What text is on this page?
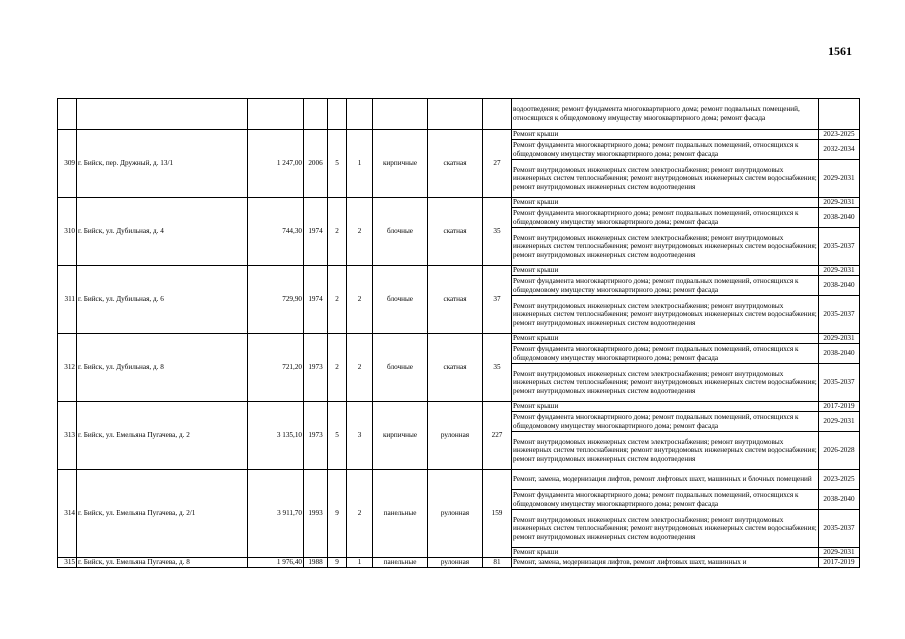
1561
									водоотведения; ремонт фундамента многоквартирного дома; ремонт подвальных помещений, относящихся к общедомовому имуществу многоквартирного дома; ремонт фасада	
309	г. Бийск, пер. Дружный, д. 13/1	1 247,00	2006	5	1	кирпичные	скатная	27	Ремонт крыши	2023-2025
									Ремонт фундамента многоквартирного дома; ремонт подвальных помещений, относящихся к общедомовому имуществу многоквартирного дома; ремонт фасада	2032-2034
									Ремонт внутридомовых инженерных систем электроснабжения; ремонт внутридомовых инженерных систем теплоснабжения; ремонт внутридомовых инженерных систем водоснабжения; ремонт внутридомовых инженерных систем водоотведения	2029-2031
310	г. Бийск, ул. Дубильная, д. 4	744,30	1974	2	2	блочные	скатная	35	Ремонт крыши	2029-2031
									Ремонт фундамента многоквартирного дома; ремонт подвальных помещений, относящихся к общедомовому имуществу многоквартирного дома; ремонт фасада	2038-2040
									Ремонт внутридомовых инженерных систем электроснабжения; ремонт внутридомовых инженерных систем теплоснабжения; ремонт внутридомовых инженерных систем водоснабжения; ремонт внутридомовых инженерных систем водоотведения	2035-2037
311	г. Бийск, ул. Дубильная, д. 6	729,90	1974	2	2	блочные	скатная	37	Ремонт крыши	2029-2031
									Ремонт фундамента многоквартирного дома; ремонт подвальных помещений, относящихся к общедомовому имуществу многоквартирного дома; ремонт фасада	2038-2040
									Ремонт внутридомовых инженерных систем электроснабжения; ремонт внутридомовых инженерных систем теплоснабжения; ремонт внутридомовых инженерных систем водоснабжения; ремонт внутридомовых инженерных систем водоотведения	2035-2037
312	г. Бийск, ул. Дубильная, д. 8	721,20	1973	2	2	блочные	скатная	35	Ремонт крыши	2029-2031
									Ремонт фундамента многоквартирного дома; ремонт подвальных помещений, относящихся к общедомовому имуществу многоквартирного дома; ремонт фасада	2038-2040
									Ремонт внутридомовых инженерных систем электроснабжения; ремонт внутридомовых инженерных систем теплоснабжения; ремонт внутридомовых инженерных систем водоснабжения; ремонт внутридомовых инженерных систем водоотведения	2035-2037
313	г. Бийск, ул. Емельяна Пугачева, д. 2	3 135,10	1973	5	3	кирпичные	рулонная	227	Ремонт крыши	2017-2019
									Ремонт фундамента многоквартирного дома; ремонт подвальных помещений, относящихся к общедомовому имуществу многоквартирного дома; ремонт фасада	2029-2031
									Ремонт внутридомовых инженерных систем электроснабжения; ремонт внутридомовых инженерных систем теплоснабжения; ремонт внутридомовых инженерных систем водоснабжения; ремонт внутридомовых инженерных систем водоотведения	2026-2028
314	г. Бийск, ул. Емельяна Пугачева, д. 2/1	3 911,70	1993	9	2	панельные	рулонная	159	Ремонт, замена, модернизация лифтов, ремонт лифтовых шахт, машинных и блочных помещений	2023-2025
									Ремонт фундамента многоквартирного дома; ремонт подвальных помещений, относящихся к общедомовому имуществу многоквартирного дома; ремонт фасада	2038-2040
									Ремонт внутридомовых инженерных систем электроснабжения; ремонт внутридомовых инженерных систем теплоснабжения; ремонт внутридомовых инженерных систем водоснабжения; ремонт внутридомовых инженерных систем водоотведения	2035-2037
									Ремонт крыши	2029-2031
315	г. Бийск, ул. Емельяна Пугачева, д. 8	1 976,40	1988	9	1	панельные	рулонная	81	Ремонт, замена, модернизация лифтов, ремонт лифтовых шахт, машинных и	2017-2019
